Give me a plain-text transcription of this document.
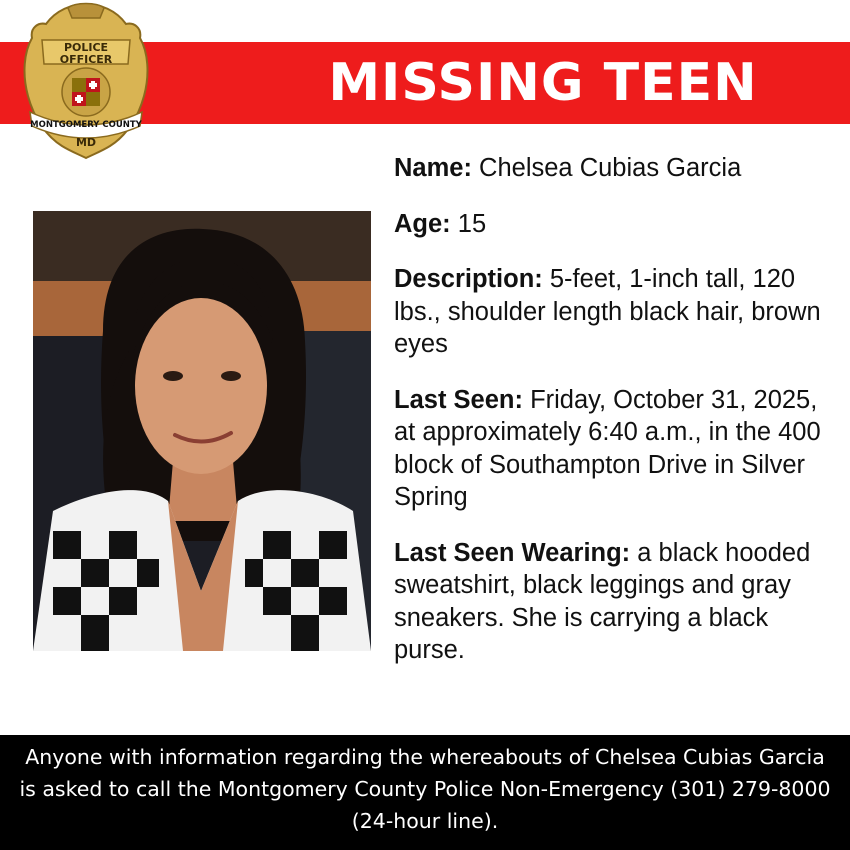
MISSING TEEN
POLICE
OFFICER
MONTGOMERY COUNTY
MD

Name: Chelsea Cubias Garcia

Age: 15

Description: 5-feet, 1-inch tall, 120 lbs., shoulder length black hair, brown eyes

Last Seen: Friday, October 31, 2025, at approximately 6:40 a.m., in the 400 block of Southampton Drive in Silver Spring

Last Seen Wearing: a black hooded sweatshirt, black leggings and gray sneakers. She is carrying a black purse.

Anyone with information regarding the whereabouts of Chelsea Cubias Garcia is asked to call the Montgomery County Police Non-Emergency (301) 279-8000 (24-hour line).
